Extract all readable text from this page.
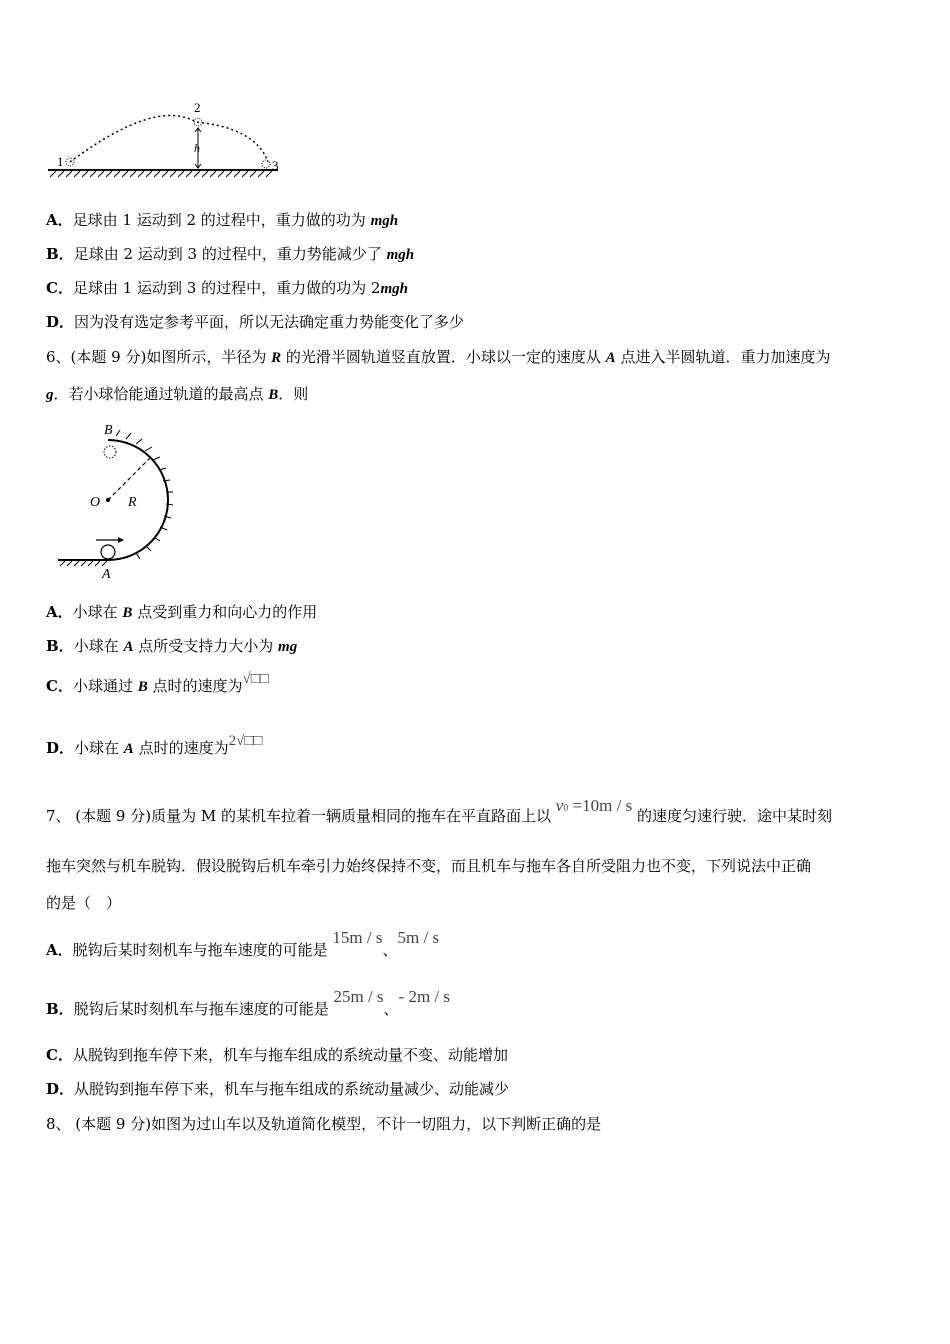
1
2
3
h
A．足球由 1 运动到 2 的过程中，重力做的功为 mgh
B．足球由 2 运动到 3 的过程中，重力势能减少了 mgh
C．足球由 1 运动到 3 的过程中，重力做的功为 2mgh
D．因为没有选定参考平面，所以无法确定重力势能变化了多少
6、(本题 9 分)如图所示，半径为 R 的光滑半圆轨道竖直放置．小球以一定的速度从 A 点进入半圆轨道．重力加速度为
g．若小球恰能通过轨道的最高点 B．则
B
O R
A
A．小球在 B 点受到重力和向心力的作用
B．小球在 A 点所受支持力大小为 mg
C．小球通过 B 点时的速度为√□□
D．小球在 A 点时的速度为2√□□
7、 (本题 9 分)质量为 M 的某机车拉着一辆质量相同的拖车在平直路面上以 v0 =10m / s 的速度匀速行驶．途中某时刻
拖车突然与机车脱钩．假设脱钩后机车牵引力始终保持不变，而且机车与拖车各自所受阻力也不变，下列说法中正确
的是（　）
A．脱钩后某时刻机车与拖车速度的可能是 15m / s、5m / s
B．脱钩后某时刻机车与拖车速度的可能是 25m / s、- 2m / s
C．从脱钩到拖车停下来，机车与拖车组成的系统动量不变、动能增加
D．从脱钩到拖车停下来，机车与拖车组成的系统动量减少、动能减少
8、 (本题 9 分)如图为过山车以及轨道简化模型，不计一切阻力，以下判断正确的是
